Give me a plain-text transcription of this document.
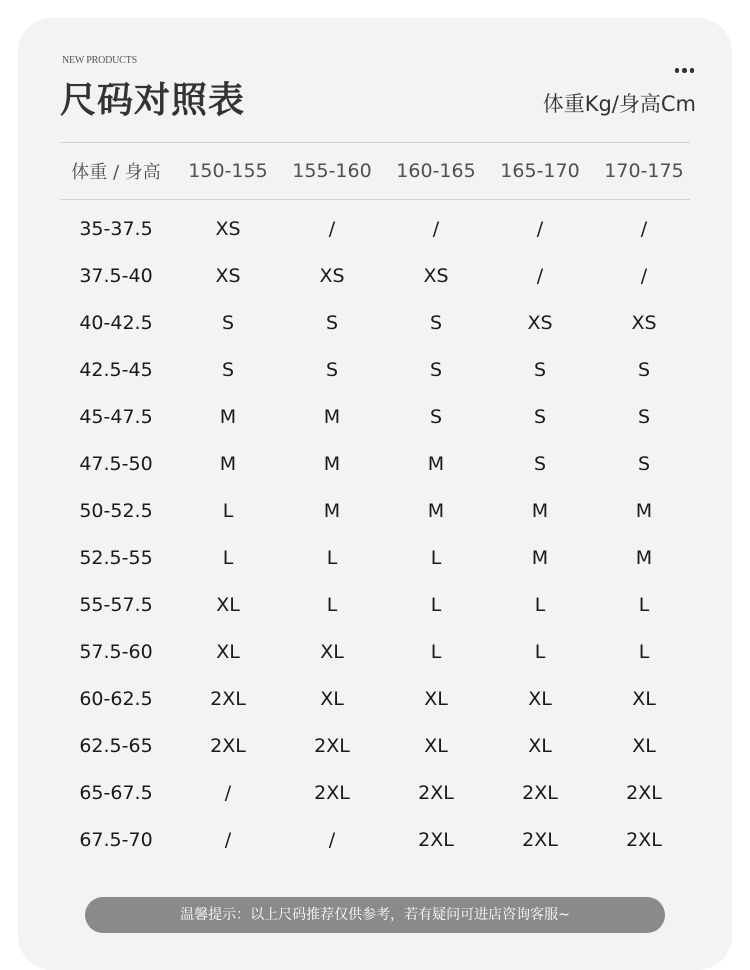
NEW PRODUCTS
尺码对照表	体重Kg/身高Cm
体重 / 身高	150-155	155-160	160-165	165-170	170-175
35-37.5	XS	/	/	/	/
37.5-40	XS	XS	XS	/	/
40-42.5	S	S	S	XS	XS
42.5-45	S	S	S	S	S
45-47.5	M	M	S	S	S
47.5-50	M	M	M	S	S
50-52.5	L	M	M	M	M
52.5-55	L	L	L	M	M
55-57.5	XL	L	L	L	L
57.5-60	XL	XL	L	L	L
60-62.5	2XL	XL	XL	XL	XL
62.5-65	2XL	2XL	XL	XL	XL
65-67.5	/	2XL	2XL	2XL	2XL
67.5-70	/	/	2XL	2XL	2XL
温馨提示：以上尺码推荐仅供参考，若有疑问可进店咨询客服~
